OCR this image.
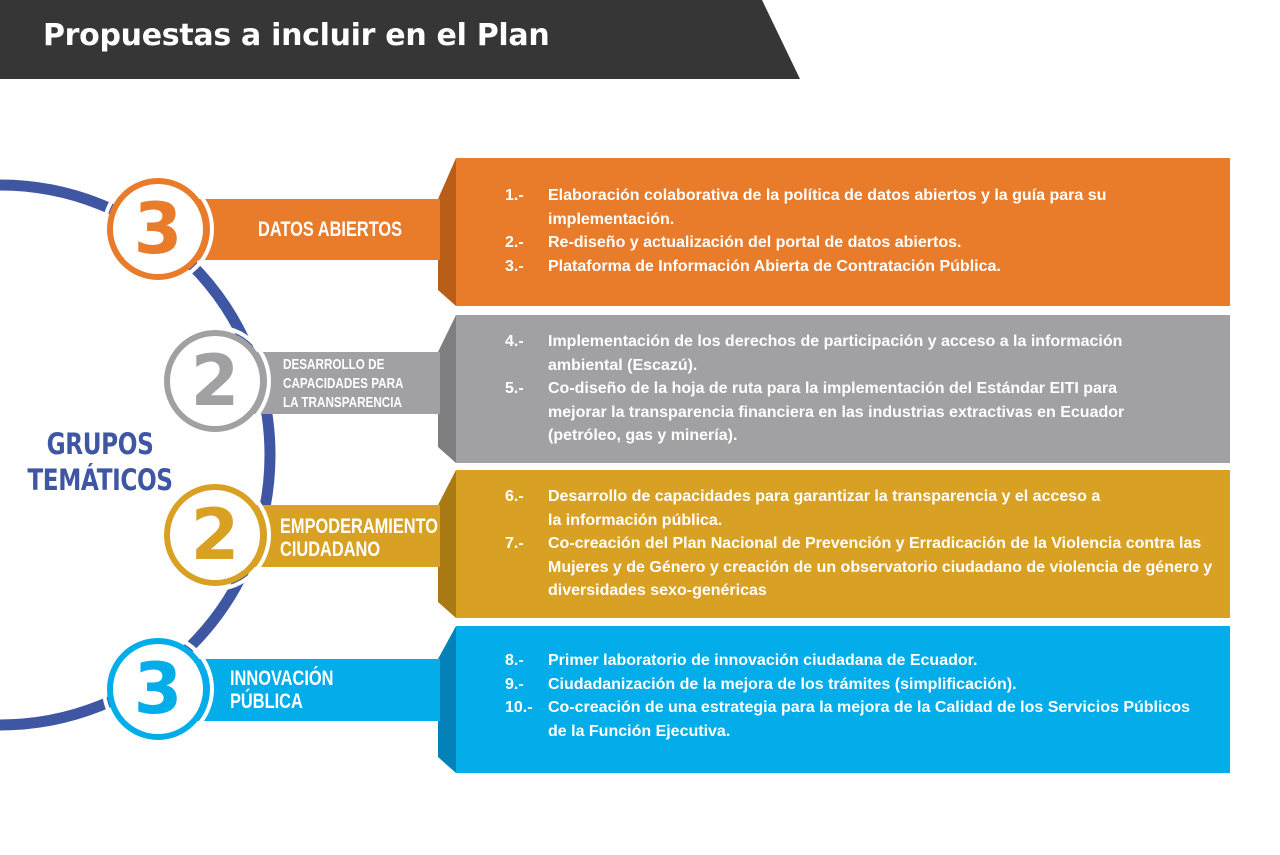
Propuestas a incluir en el Plan
GRUPOS
TEMÁTICOS
3
2
2
3
DATOS ABIERTOS
DESARROLLO DE
CAPACIDADES PARA
LA TRANSPARENCIA
EMPODERAMIENTO
CIUDADANO
INNOVACIÓN
PÚBLICA
1.-	Elaboración colaborativa de la política de datos abiertos y la guía para su implementación.
2.-	Re-diseño y actualización del portal de datos abiertos.
3.-	Plataforma de Información Abierta de Contratación Pública.
4.-	Implementación de los derechos de participación y acceso a la información ambiental (Escazú).
5.-	Co-diseño de la hoja de ruta para la implementación del Estándar EITI para mejorar la transparencia financiera en las industrias extractivas en Ecuador (petróleo, gas y minería).
6.-	Desarrollo de capacidades para garantizar la transparencia y el acceso a la información pública.
7.-	Co-creación del Plan Nacional de Prevención y Erradicación de la Violencia contra las Mujeres y de Género y creación de un observatorio ciudadano de violencia de género y diversidades sexo-genéricas
8.-	Primer laboratorio de innovación ciudadana de Ecuador.
9.-	Ciudadanización de la mejora de los trámites (simplificación).
10.- Co-creación de una estrategia para la mejora de la Calidad de los Servicios Públicos de la Función Ejecutiva.
